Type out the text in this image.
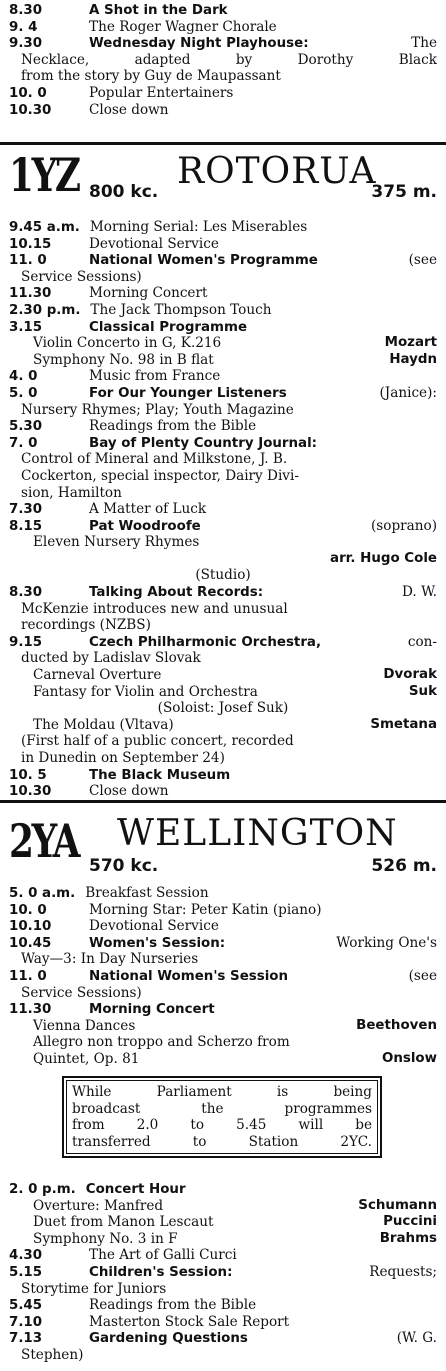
8.30	A Shot in the Dark
9. 4	The Roger Wagner Chorale
9.30	Wednesday Night Playhouse:	The
Necklace, adapted by Dorothy Black
from the story by Guy de Maupassant
10. 0	Popular Entertainers
10.30	Close down
1YZ 800 kc. ROTORUA
375 m.
9.45 a.m. Morning Serial: Les Miserables
10.15	Devotional Service
11. 0	National Women's Programme	(see
Service Sessions)
11.30	Morning Concert
2.30 p.m. The Jack Thompson Touch
3.15	Classical Programme
Violin Concerto in G, K.216	Mozart
Symphony No. 98 in B flat	Haydn
4. 0	Music from France
5. 0	For Our Younger Listeners	(Janice):
Nursery Rhymes; Play; Youth Magazine
5.30	Readings from the Bible
7. 0	Bay of Plenty Country Journal:
Control of Mineral and Milkstone, J. B.
Cockerton, special inspector, Dairy Divi-
sion, Hamilton
7.30	A Matter of Luck
8.15	Pat Woodroofe	(soprano)
Eleven Nursery Rhymes
arr. Hugo Cole
(Studio)
8.30	Talking About Records:	D. W.
McKenzie introduces new and unusual
recordings (NZBS)
9.15	Czech Philharmonic Orchestra,	con-
ducted by Ladislav Slovak
Carneval Overture	Dvorak
Fantasy for Violin and Orchestra	Suk
(Soloist: Josef Suk)
The Moldau (Vltava)	Smetana
(First half of a public concert, recorded
in Dunedin on September 24)
10. 5	The Black Museum
10.30	Close down
2YA WELLINGTON
570 kc.	526 m.
5. 0 a.m. Breakfast Session
10. 0	Morning Star: Peter Katin (piano)
10.10	Devotional Service
10.45	Women's Session:	Working One's
Way—3: In Day Nurseries
11. 0	National Women's Session	(see
Service Sessions)
11.30	Morning Concert
Vienna Dances	Beethoven
Allegro non troppo and Scherzo from
Quintet, Op. 81	Onslow
While Parliament is being
broadcast the programmes
from 2.0 to 5.45 will be
transferred to Station 2YC.
2. 0 p.m. Concert Hour
Overture: Manfred	Schumann
Duet from Manon Lescaut	Puccini
Symphony No. 3 in F	Brahms
4.30	The Art of Galli Curci
5.15	Children's Session:	Requests;
Storytime for Juniors
5.45	Readings from the Bible
7.10	Masterton Stock Sale Report
7.13	Gardening Questions	(W. G.
Stephen)
